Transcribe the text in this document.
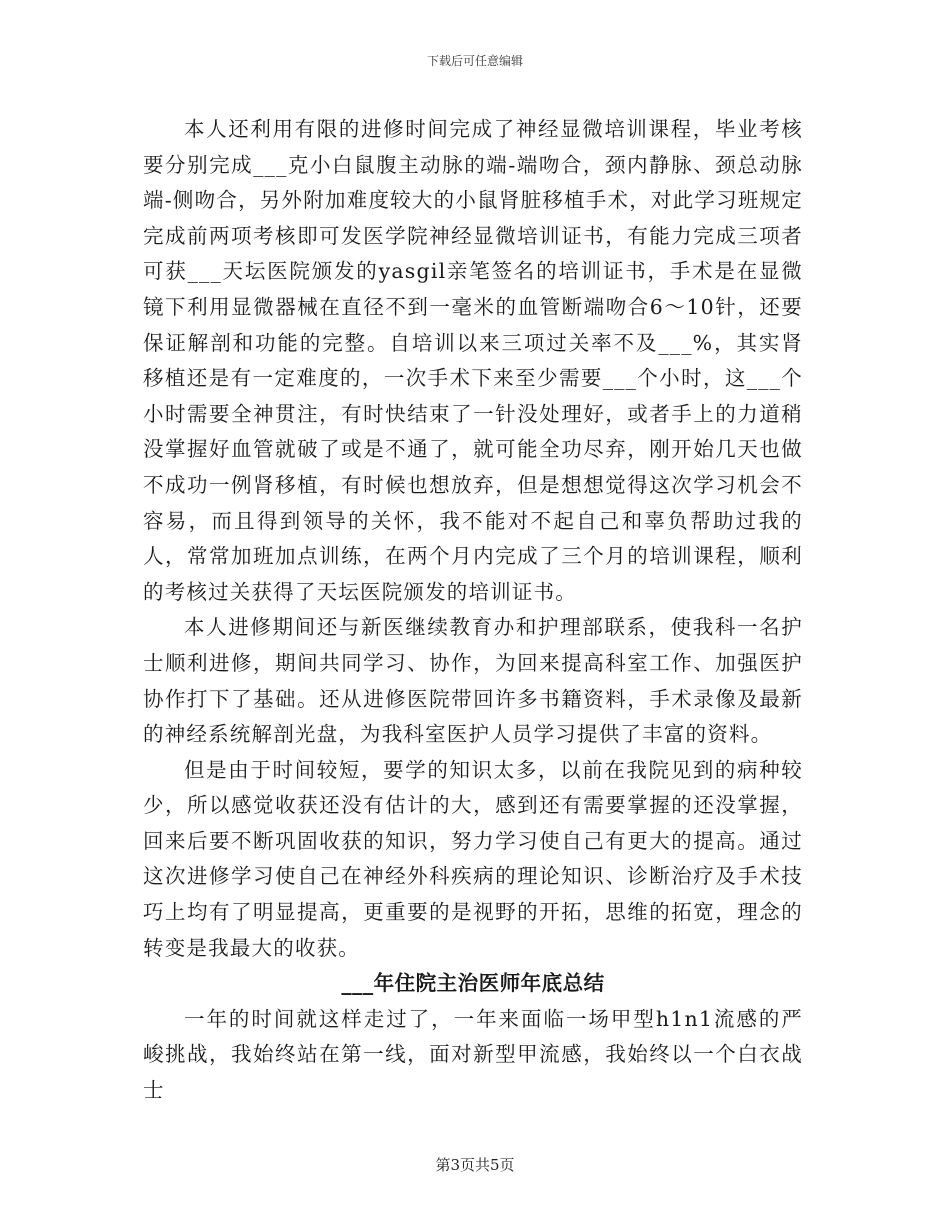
下载后可任意编辑

本人还利用有限的进修时间完成了神经显微培训课程，毕业考核要分别完成___克小白鼠腹主动脉的端-端吻合，颈内静脉、颈总动脉端-侧吻合，另外附加难度较大的小鼠肾脏移植手术，对此学习班规定完成前两项考核即可发医学院神经显微培训证书，有能力完成三项者可获___天坛医院颁发的yasgil亲笔签名的培训证书，手术是在显微镜下利用显微器械在直径不到一毫米的血管断端吻合6～10针，还要保证解剖和功能的完整。自培训以来三项过关率不及___%，其实肾移植还是有一定难度的，一次手术下来至少需要___个小时，这___个小时需要全神贯注，有时快结束了一针没处理好，或者手上的力道稍没掌握好血管就破了或是不通了，就可能全功尽弃，刚开始几天也做不成功一例肾移植，有时候也想放弃，但是想想觉得这次学习机会不容易，而且得到领导的关怀，我不能对不起自己和辜负帮助过我的人，常常加班加点训练，在两个月内完成了三个月的培训课程，顺利的考核过关获得了天坛医院颁发的培训证书。

本人进修期间还与新医继续教育办和护理部联系，使我科一名护士顺利进修，期间共同学习、协作，为回来提高科室工作、加强医护协作打下了基础。还从进修医院带回许多书籍资料，手术录像及最新的神经系统解剖光盘，为我科室医护人员学习提供了丰富的资料。

但是由于时间较短，要学的知识太多，以前在我院见到的病种较少，所以感觉收获还没有估计的大，感到还有需要掌握的还没掌握，回来后要不断巩固收获的知识，努力学习使自己有更大的提高。通过这次进修学习使自己在神经外科疾病的理论知识、诊断治疗及手术技巧上均有了明显提高，更重要的是视野的开拓，思维的拓宽，理念的转变是我最大的收获。

___年住院主治医师年底总结

一年的时间就这样走过了，一年来面临一场甲型h1n1流感的严峻挑战，我始终站在第一线，面对新型甲流感，我始终以一个白衣战士

第3页共5页
